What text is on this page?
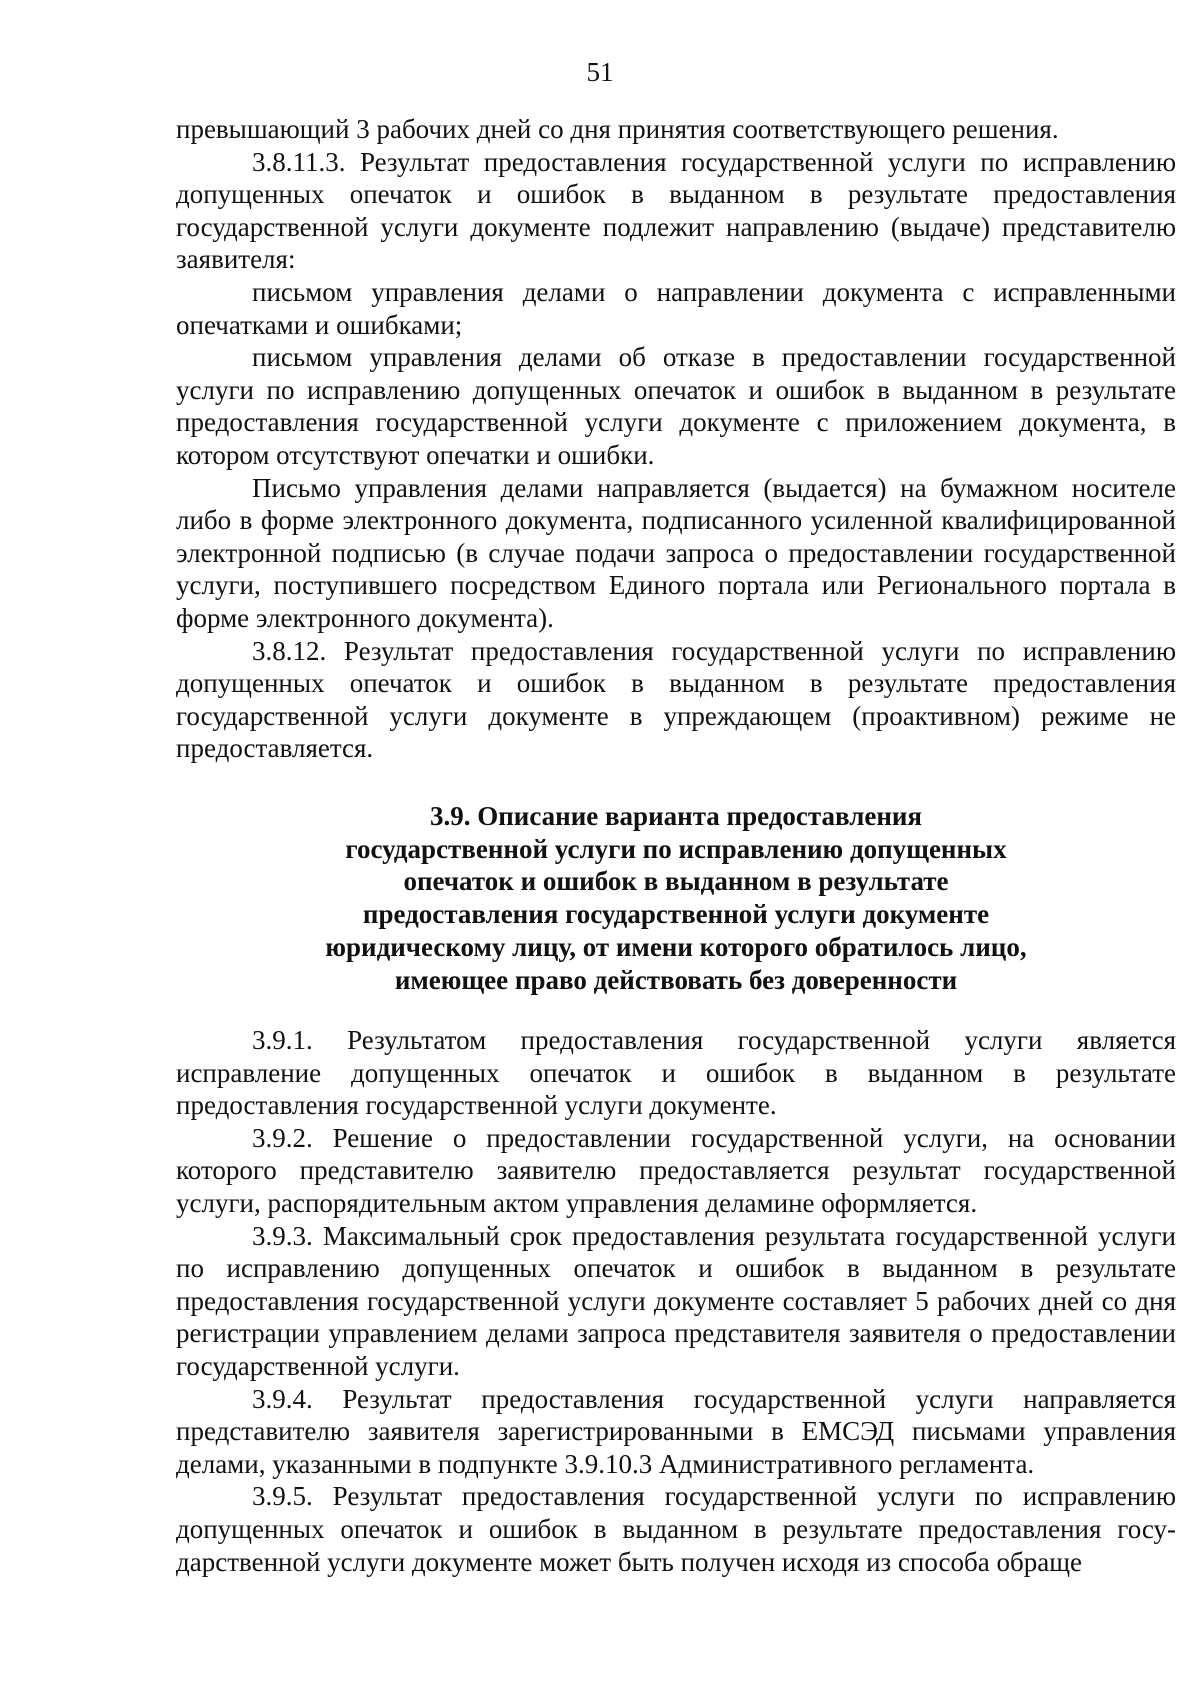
51

превышающий 3 рабочих дней со дня принятия соответствующего решения.

3.8.11.3. Результат предоставления государственной услуги по исправлению допущенных опечаток и ошибок в выданном в результате предоставления государственной услуги документе подлежит направлению (выдаче) представителю заявителя:

письмом управления делами о направлении документа с исправленными опечатками и ошибками;

письмом управления делами об отказе в предоставлении государственной услуги по исправлению допущенных опечаток и ошибок в выданном в результате предоставления государственной услуги документе с приложением документа, в котором отсутствуют опечатки и ошибки.

Письмо управления делами направляется (выдается) на бумажном носителе либо в форме электронного документа, подписанного усиленной квалифицированной электронной подписью (в случае подачи запроса о предоставлении государственной услуги, поступившего посредством Единого портала или Регионального портала в форме электронного документа).

3.8.12. Результат предоставления государственной услуги по исправлению допущенных опечаток и ошибок в выданном в результате предоставления государственной услуги документе в упреждающем (проактивном) режиме не предоставляется.

3.9. Описание варианта предоставления
государственной услуги по исправлению допущенных
опечаток и ошибок в выданном в результате
предоставления государственной услуги документе
юридическому лицу, от имени которого обратилось лицо,
имеющее право действовать без доверенности

3.9.1. Результатом предоставления государственной услуги является исправление допущенных опечаток и ошибок в выданном в результате предоставления государственной услуги документе.

3.9.2. Решение о предоставлении государственной услуги, на основании которого представителю заявителю предоставляется результат государственной услуги, распорядительным актом управления деламине оформляется.

3.9.3. Максимальный срок предоставления результата государственной услуги по исправлению допущенных опечаток и ошибок в выданном в результате предоставления государственной услуги документе составляет 5 рабочих дней со дня регистрации управлением делами запроса представителя заявителя о предоставлении государственной услуги.

3.9.4. Результат предоставления государственной услуги направляется представителю заявителя зарегистрированными в ЕМСЭД письмами управления делами, указанными в подпункте 3.9.10.3 Административного регламента.

3.9.5. Результат предоставления государственной услуги по исправлению допущенных опечаток и ошибок в выданном в результате предоставления государственной услуги документе может быть получен исходя из способа обраще
